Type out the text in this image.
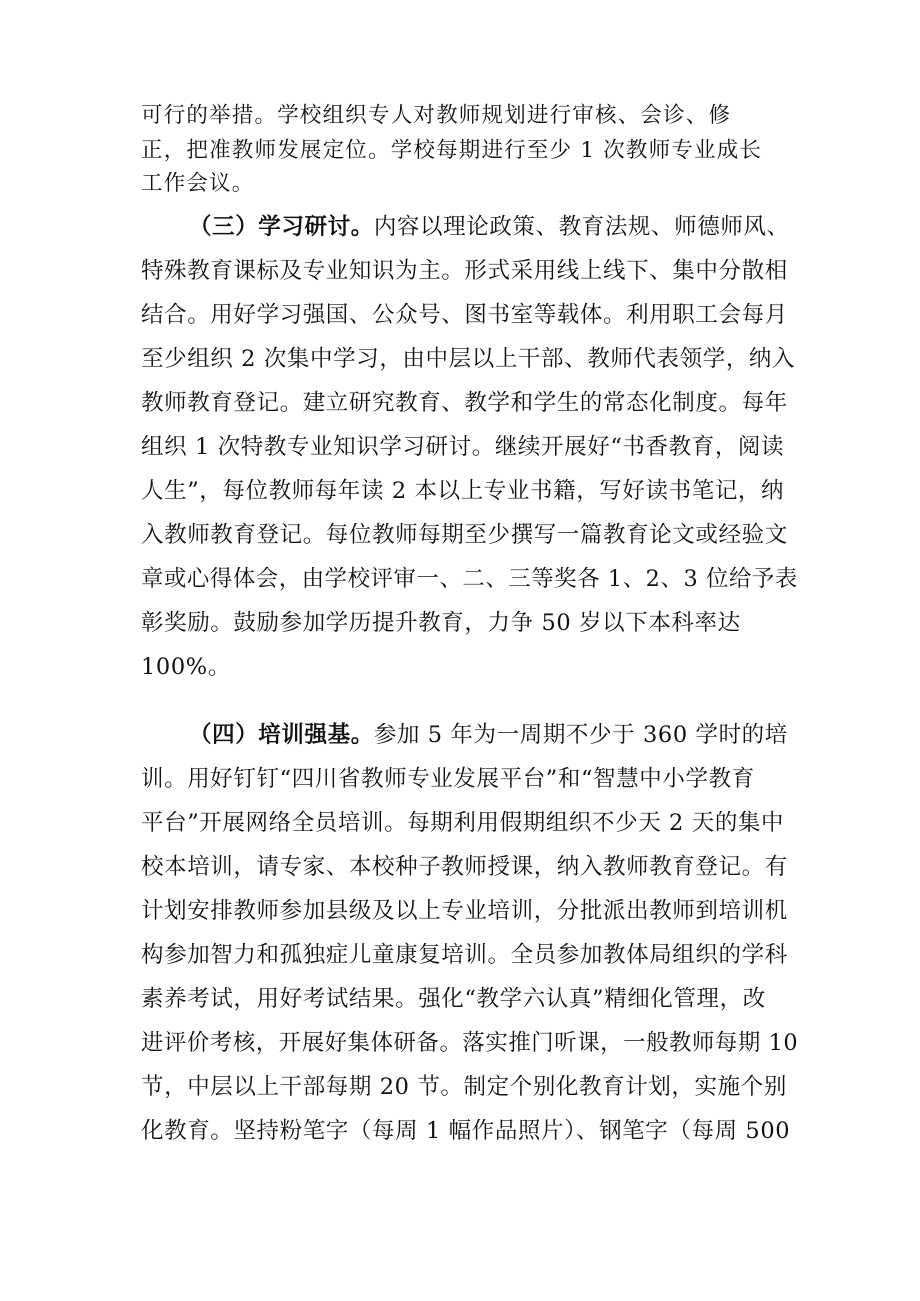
可行的举措。学校组织专人对教师规划进行审核、会诊、修
正，把准教师发展定位。学校每期进行至少 1 次教师专业成长
工作会议。
（三）学习研讨。内容以理论政策、教育法规、师德师风、
特殊教育课标及专业知识为主。形式采用线上线下、集中分散相
结合。用好学习强国、公众号、图书室等载体。利用职工会每月
至少组织 2 次集中学习，由中层以上干部、教师代表领学，纳入
教师教育登记。建立研究教育、教学和学生的常态化制度。每年
组织 1 次特教专业知识学习研讨。继续开展好“书香教育，阅读
人生”，每位教师每年读 2 本以上专业书籍，写好读书笔记，纳
入教师教育登记。每位教师每期至少撰写一篇教育论文或经验文
章或心得体会，由学校评审一、二、三等奖各 1、2、3 位给予表
彰奖励。鼓励参加学历提升教育，力争 50 岁以下本科率达
100%。
（四）培训强基。参加 5 年为一周期不少于 360 学时的培
训。用好钉钉“四川省教师专业发展平台”和“智慧中小学教育
平台”开展网络全员培训。每期利用假期组织不少天 2 天的集中
校本培训，请专家、本校种子教师授课，纳入教师教育登记。有
计划安排教师参加县级及以上专业培训，分批派出教师到培训机
构参加智力和孤独症儿童康复培训。全员参加教体局组织的学科
素养考试，用好考试结果。强化“教学六认真”精细化管理，改
进评价考核，开展好集体研备。落实推门听课，一般教师每期 10
节，中层以上干部每期 20 节。制定个别化教育计划，实施个别
化教育。坚持粉笔字（每周 1 幅作品照片）、钢笔字（每周 500
